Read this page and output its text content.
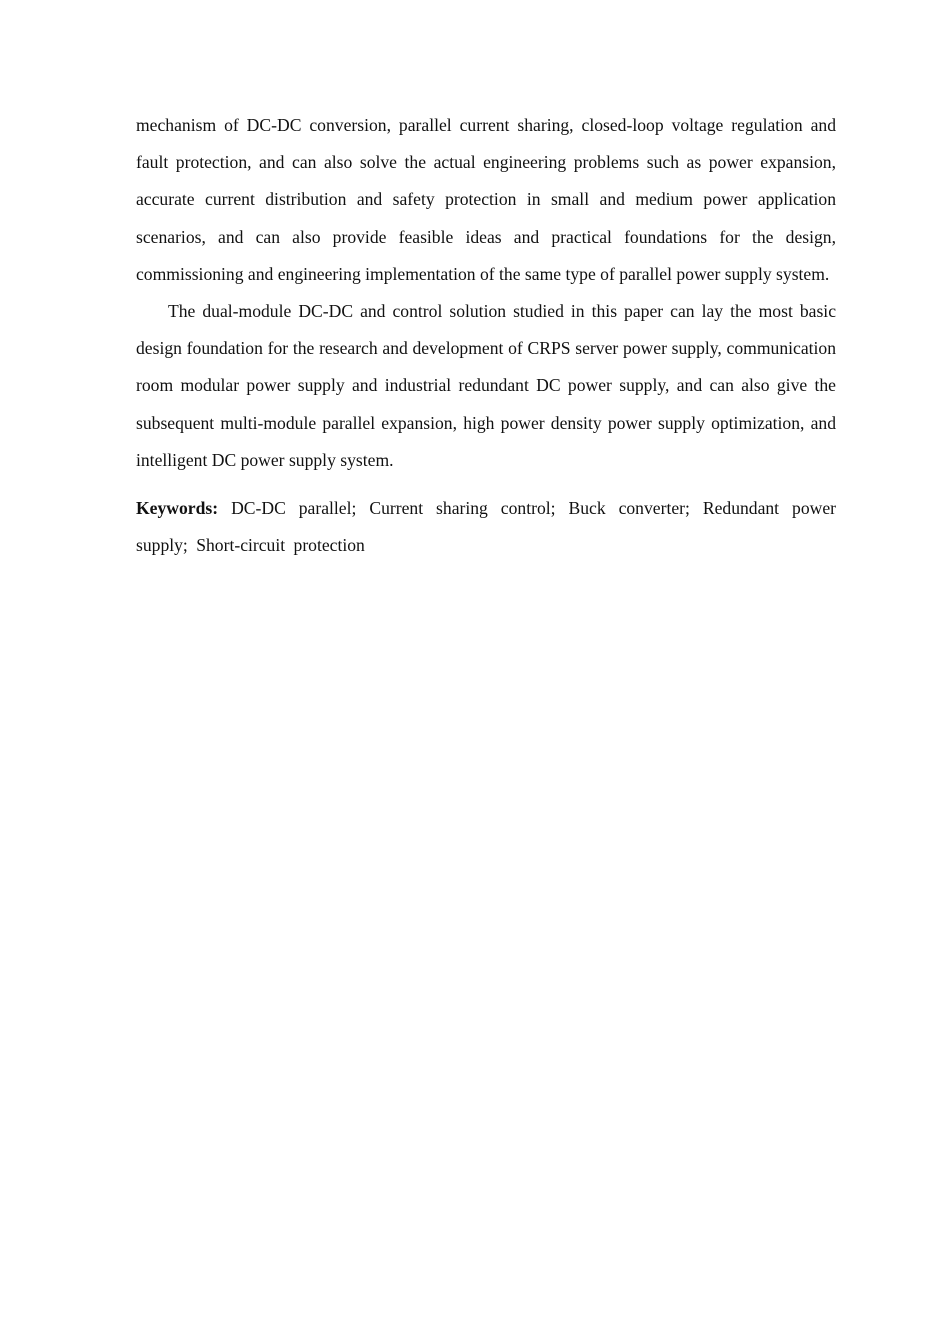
mechanism of DC-DC conversion, parallel current sharing, closed-loop voltage regulation and fault protection, and can also solve the actual engineering problems such as power expansion, accurate current distribution and safety protection in small and medium power application scenarios, and can also provide feasible ideas and practical foundations for the design, commissioning and engineering implementation of the same type of parallel power supply system.

The dual-module DC-DC and control solution studied in this paper can lay the most basic design foundation for the research and development of CRPS server power supply, communication room modular power supply and industrial redundant DC power supply, and can also give the subsequent multi-module parallel expansion, high power density power supply optimization, and intelligent DC power supply system.

Keywords: DC-DC parallel; Current sharing control; Buck converter; Redundant power supply; Short-circuit protection
